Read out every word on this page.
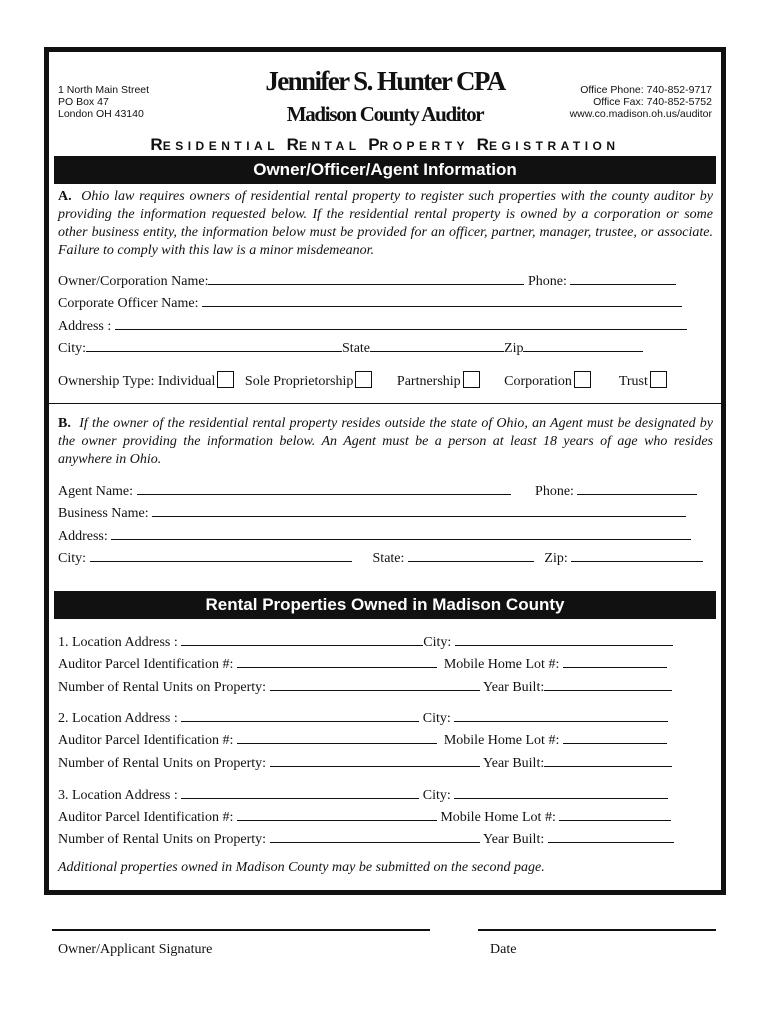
1 North Main Street
PO Box 47
London OH 43140
Jennifer S. Hunter CPA
Madison County Auditor
Office Phone: 740-852-9717
Office Fax: 740-852-5752
www.co.madison.oh.us/auditor
RESIDENTIAL RENTAL PROPERTY REGISTRATION
Owner/Officer/Agent Information
A. Ohio law requires owners of residential rental property to register such properties with the county auditor by providing the information requested below. If the residential rental property is owned by a corporation or some other business entity, the information below must be provided for an officer, partner, manager, trustee, or associate. Failure to comply with this law is a minor misdemeanor.
Owner/Corporation Name:	Phone:
Corporate Officer Name:
Address :
City:	State	Zip
Ownership Type: Individual Sole Proprietorship	Partnership	Corporation	Trust
B. If the owner of the residential rental property resides outside the state of Ohio, an Agent must be designated by the owner providing the information below. An Agent must be a person at least 18 years of age who resides anywhere in Ohio.
Agent Name:	Phone:
Business Name:
Address:
City:	State:	Zip:
Rental Properties Owned in Madison County
1. Location Address :	City:
Auditor Parcel Identification #:	Mobile Home Lot #:
Number of Rental Units on Property:	Year Built:
2. Location Address :	City:
Auditor Parcel Identification #:	Mobile Home Lot #:
Number of Rental Units on Property:	Year Built:
3. Location Address :	City:
Auditor Parcel Identification #:	Mobile Home Lot #:
Number of Rental Units on Property:	Year Built:
Additional properties owned in Madison County may be submitted on the second page.
Owner/Applicant Signature	Date
